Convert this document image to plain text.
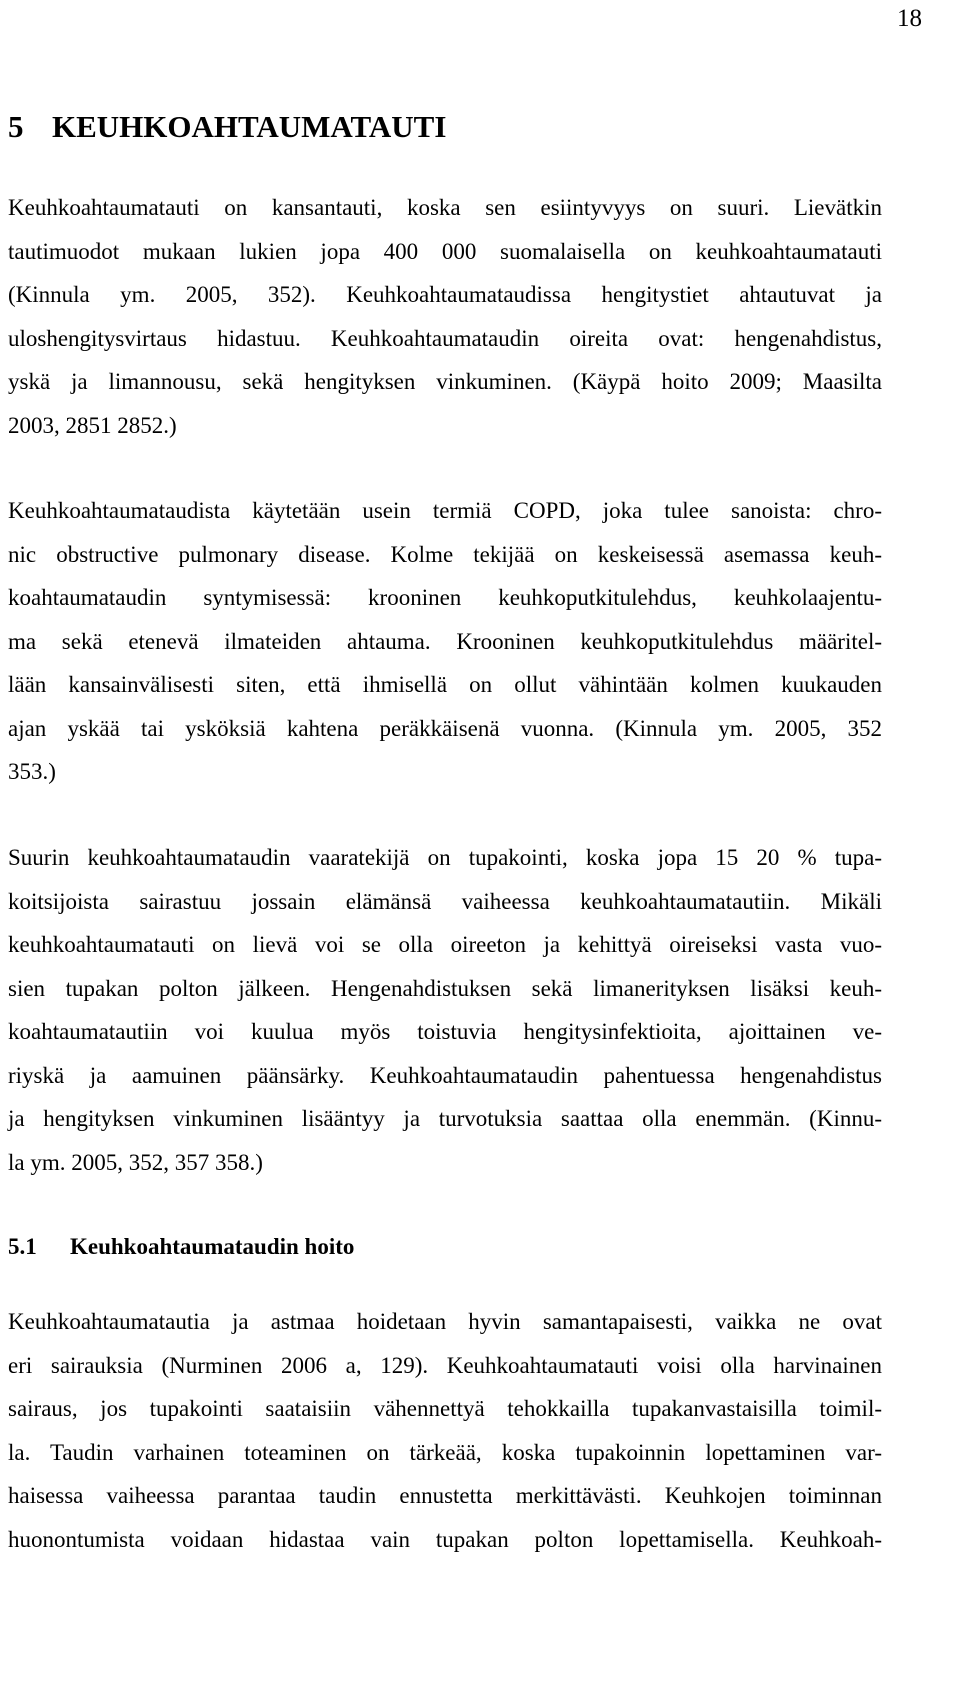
18
5 KEUHKOAHTAUMATAUTI
Keuhkoahtaumatauti on kansantauti, koska sen esiintyvyys on suuri. Lievätkin
tautimuodot mukaan lukien jopa 400 000 suomalaisella on keuhkoahtaumatauti
(Kinnula ym. 2005, 352). Keuhkoahtaumataudissa hengitystiet ahtautuvat ja
uloshengitysvirtaus hidastuu. Keuhkoahtaumataudin oireita ovat: hengenahdistus,
yskä ja limannousu, sekä hengityksen vinkuminen. (Käypä hoito 2009; Maasilta
2003, 2851 2852.)
Keuhkoahtaumataudista käytetään usein termiä COPD, joka tulee sanoista: chro-
nic obstructive pulmonary disease. Kolme tekijää on keskeisessä asemassa keuh-
koahtaumataudin syntymisessä: krooninen keuhkoputkitulehdus, keuhkolaajentu-
ma sekä etenevä ilmateiden ahtauma. Krooninen keuhkoputkitulehdus määritel-
lään kansainvälisesti siten, että ihmisellä on ollut vähintään kolmen kuukauden
ajan yskää tai ysköksiä kahtena peräkkäisenä vuonna. (Kinnula ym. 2005, 352
353.)
Suurin keuhkoahtaumataudin vaaratekijä on tupakointi, koska jopa 15 20 % tupa-
koitsijoista sairastuu jossain elämänsä vaiheessa keuhkoahtaumatautiin. Mikäli
keuhkoahtaumatauti on lievä voi se olla oireeton ja kehittyä oireiseksi vasta vuo-
sien tupakan polton jälkeen. Hengenahdistuksen sekä limanerityksen lisäksi keuh-
koahtaumatautiin voi kuulua myös toistuvia hengitysinfektioita, ajoittainen ve-
riyskä ja aamuinen päänsärky. Keuhkoahtaumataudin pahentuessa hengenahdistus
ja hengityksen vinkuminen lisääntyy ja turvotuksia saattaa olla enemmän. (Kinnu-
la ym. 2005, 352, 357 358.)
5.1 Keuhkoahtaumataudin hoito
Keuhkoahtaumatautia ja astmaa hoidetaan hyvin samantapaisesti, vaikka ne ovat
eri sairauksia (Nurminen 2006 a, 129). Keuhkoahtaumatauti voisi olla harvinainen
sairaus, jos tupakointi saataisiin vähennettyä tehokkailla tupakanvastaisilla toimil-
la. Taudin varhainen toteaminen on tärkeää, koska tupakoinnin lopettaminen var-
haisessa vaiheessa parantaa taudin ennustetta merkittävästi. Keuhkojen toiminnan
huonontumista voidaan hidastaa vain tupakan polton lopettamisella. Keuhkoah-
